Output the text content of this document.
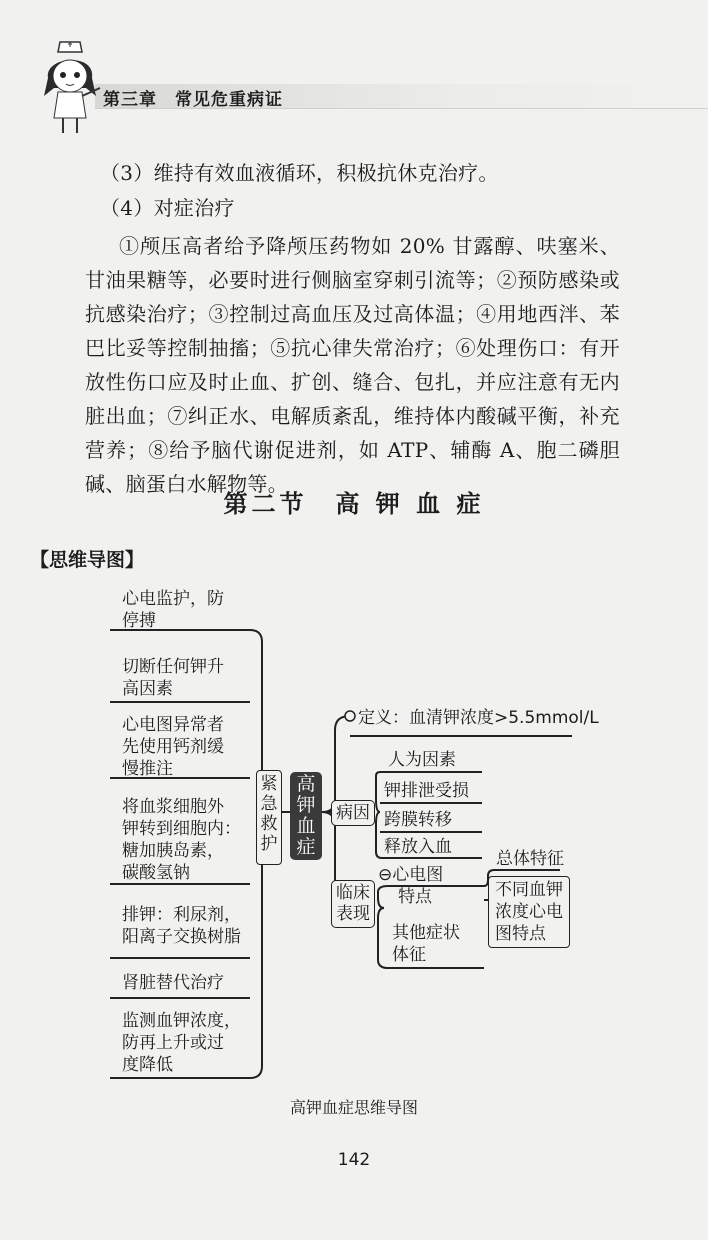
第三章　常见危重病证
（3）维持有效血液循环，积极抗休克治疗。
（4）对症治疗
①颅压高者给予降颅压药物如 20% 甘露醇、呋塞米、甘油果糖等，必要时进行侧脑室穿刺引流等；②预防感染或抗感染治疗；③控制过高血压及过高体温；④用地西泮、苯巴比妥等控制抽搐；⑤抗心律失常治疗；⑥处理伤口：有开放性伤口应及时止血、扩创、缝合、包扎，并应注意有无内脏出血；⑦纠正水、电解质紊乱，维持体内酸碱平衡，补充营养；⑧给予脑代谢促进剂，如 ATP、辅酶 A、胞二磷胆碱、脑蛋白水解物等。
第二节　高 钾 血 症
【思维导图】
心电监护，防
停搏
切断任何钾升
高因素
心电图异常者
先使用钙剂缓
慢推注
将血浆细胞外
钾转到细胞内：
糖加胰岛素，
碳酸氢钠
排钾：利尿剂，
阳离子交换树脂
肾脏替代治疗
监测血钾浓度，
防再上升或过
度降低
紧
急
救
护
高
钾
血
症
定义：血清钾浓度>5.5mmol/L
病因
人为因素
钾排泄受损
跨膜转移
释放入血
临床
表现
⊖心电图
特点
总体特征
不同血钾
浓度心电
图特点
其他症状
体征
高钾血症思维导图
142
